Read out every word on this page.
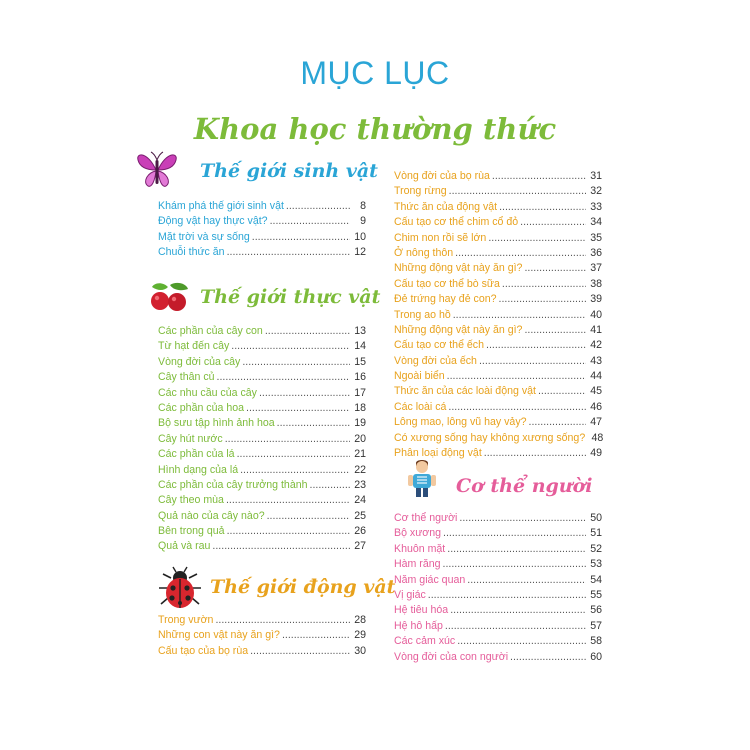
MỤC LỤC
Khoa học thường thức
Thế giới sinh vật
Khám phá thế giới sinh vật .....	8
Động vật hay thực vật? .....	9
Mặt trời và sự sống .....	10
Chuỗi thức ăn .....	12
Thế giới thực vật
Các phần của cây con .....	13
Từ hạt đến cây .....	14
Vòng đời của cây .....	15
Cây thân củ .....	16
Các nhu cầu của cây .....	17
Các phần của hoa .....	18
Bộ sưu tập hình ảnh hoa .....	19
Cây hút nước .....	20
Các phần của lá .....	21
Hình dạng của lá .....	22
Các phần của cây trưởng thành .....	23
Cây theo mùa .....	24
Quả nào của cây nào? .....	25
Bên trong quả .....	26
Quả và rau .....	27
Thế giới động vật
Trong vườn .....	28
Những con vật này ăn gì? .....	29
Cấu tạo của bọ rùa .....	30
Vòng đời của bọ rùa .....	31
Trong rừng .....	32
Thức ăn của động vật .....	33
Cấu tạo cơ thể chim cổ đỏ .....	34
Chim non rồi sẽ lớn .....	35
Ở nông thôn .....	36
Những động vật này ăn gì? .....	37
Cấu tạo cơ thể bò sữa .....	38
Đẻ trứng hay đẻ con? .....	39
Trong ao hồ .....	40
Những động vật này ăn gì? .....	41
Cấu tạo cơ thể ếch .....	42
Vòng đời của ếch .....	43
Ngoài biển .....	44
Thức ăn của các loài động vật .....	45
Các loài cá .....	46
Lông mao, lông vũ hay vảy? .....	47
Có xương sống hay không xương sống? 48
Phân loại động vật .....	49
Cơ thể người
Cơ thể người .....	50
Bộ xương .....	51
Khuôn mặt .....	52
Hàm răng .....	53
Năm giác quan .....	54
Vị giác .....	55
Hệ tiêu hóa .....	56
Hệ hô hấp .....	57
Các cảm xúc .....	58
Vòng đời của con người .....	60
